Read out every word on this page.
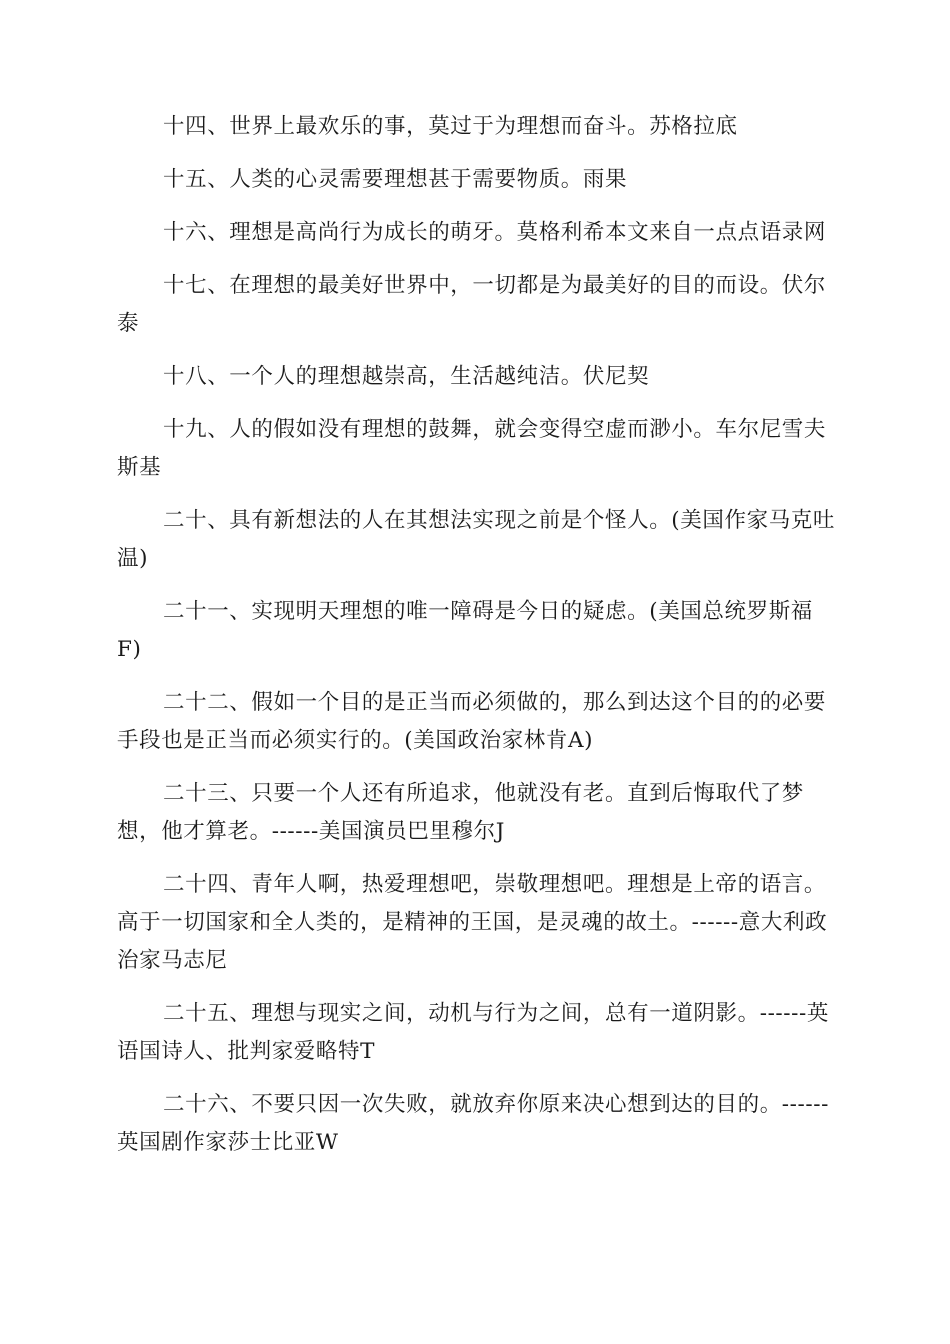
十四、世界上最欢乐的事，莫过于为理想而奋斗。苏格拉底

十五、人类的心灵需要理想甚于需要物质。雨果

十六、理想是高尚行为成长的萌牙。莫格利希本文来自一点点语录网

十七、在理想的最美好世界中，一切都是为最美好的目的而设。伏尔泰

十八、一个人的理想越崇高，生活越纯洁。伏尼契

十九、人的假如没有理想的鼓舞，就会变得空虚而渺小。车尔尼雪夫斯基

二十、具有新想法的人在其想法实现之前是个怪人。(美国作家马克吐温)

二十一、实现明天理想的唯一障碍是今日的疑虑。(美国总统罗斯福F)

二十二、假如一个目的是正当而必须做的，那么到达这个目的的必要手段也是正当而必须实行的。(美国政治家林肯A)

二十三、只要一个人还有所追求，他就没有老。直到后悔取代了梦想，他才算老。------美国演员巴里穆尔J

二十四、青年人啊，热爱理想吧，崇敬理想吧。理想是上帝的语言。高于一切国家和全人类的，是精神的王国，是灵魂的故土。------意大利政治家马志尼

二十五、理想与现实之间，动机与行为之间，总有一道阴影。------英语国诗人、批判家爱略特T

二十六、不要只因一次失败，就放弃你原来决心想到达的目的。------英国剧作家莎士比亚W
